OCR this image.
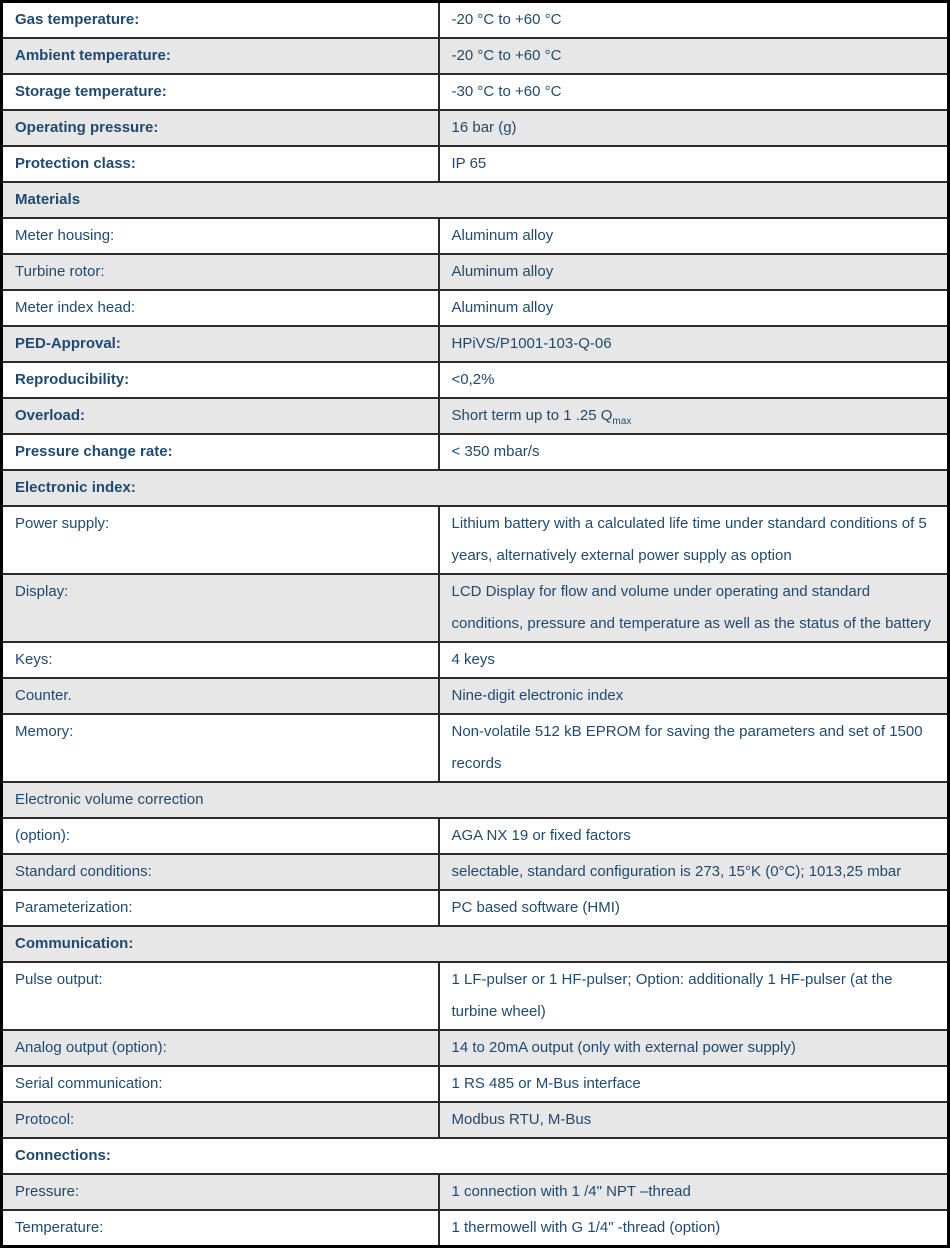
Gas temperature:	-20 °C to +60 °C
Ambient temperature:	-20 °C to +60 °C
Storage temperature:	-30 °C to +60 °C
Operating pressure:	16 bar (g)
Protection class:	IP 65
Materials	
Meter housing:	Aluminum alloy
Turbine rotor:	Aluminum alloy
Meter index head:	Aluminum alloy
PED-Approval:	HPiVS/P1001-103-Q-06
Reproducibility:	<0,2%
Overload:	Short term up to 1 .25 $Q_{max}$
Pressure change rate:	< 350 mbar/s
Electronic index:	
Power supply:	Lithium battery with a calculated life time under standard conditions of 5 years, alternatively external power supply as option
Display:	LCD Display for flow and volume under operating and standard conditions, pressure and temperature as well as the status of the battery
Keys:	4 keys
Counter.	Nine-digit electronic index
Memory:	Non-volatile 512 kB EPROM for saving the parameters and set of 1500 records
Electronic volume correction	
(option):	AGA NX 19 or fixed factors
Standard conditions:	selectable, standard configuration is 273, 15°K (0°C); 1013,25 mbar
Parameterization:	PC based software (HMI)
Communication:	
Pulse output:	1 LF-pulser or 1 HF-pulser; Option: additionally 1 HF-pulser (at the turbine wheel)
Analog output (option):	14 to 20mA output (only with external power supply)
Serial communication:	1 RS 485 or M-Bus interface
Protocol:	Modbus RTU, M-Bus
Connections:	
Pressure:	1 connection with 1 /4" NPT –thread
Temperature:	1 thermowell with G 1/4" -thread (option)
